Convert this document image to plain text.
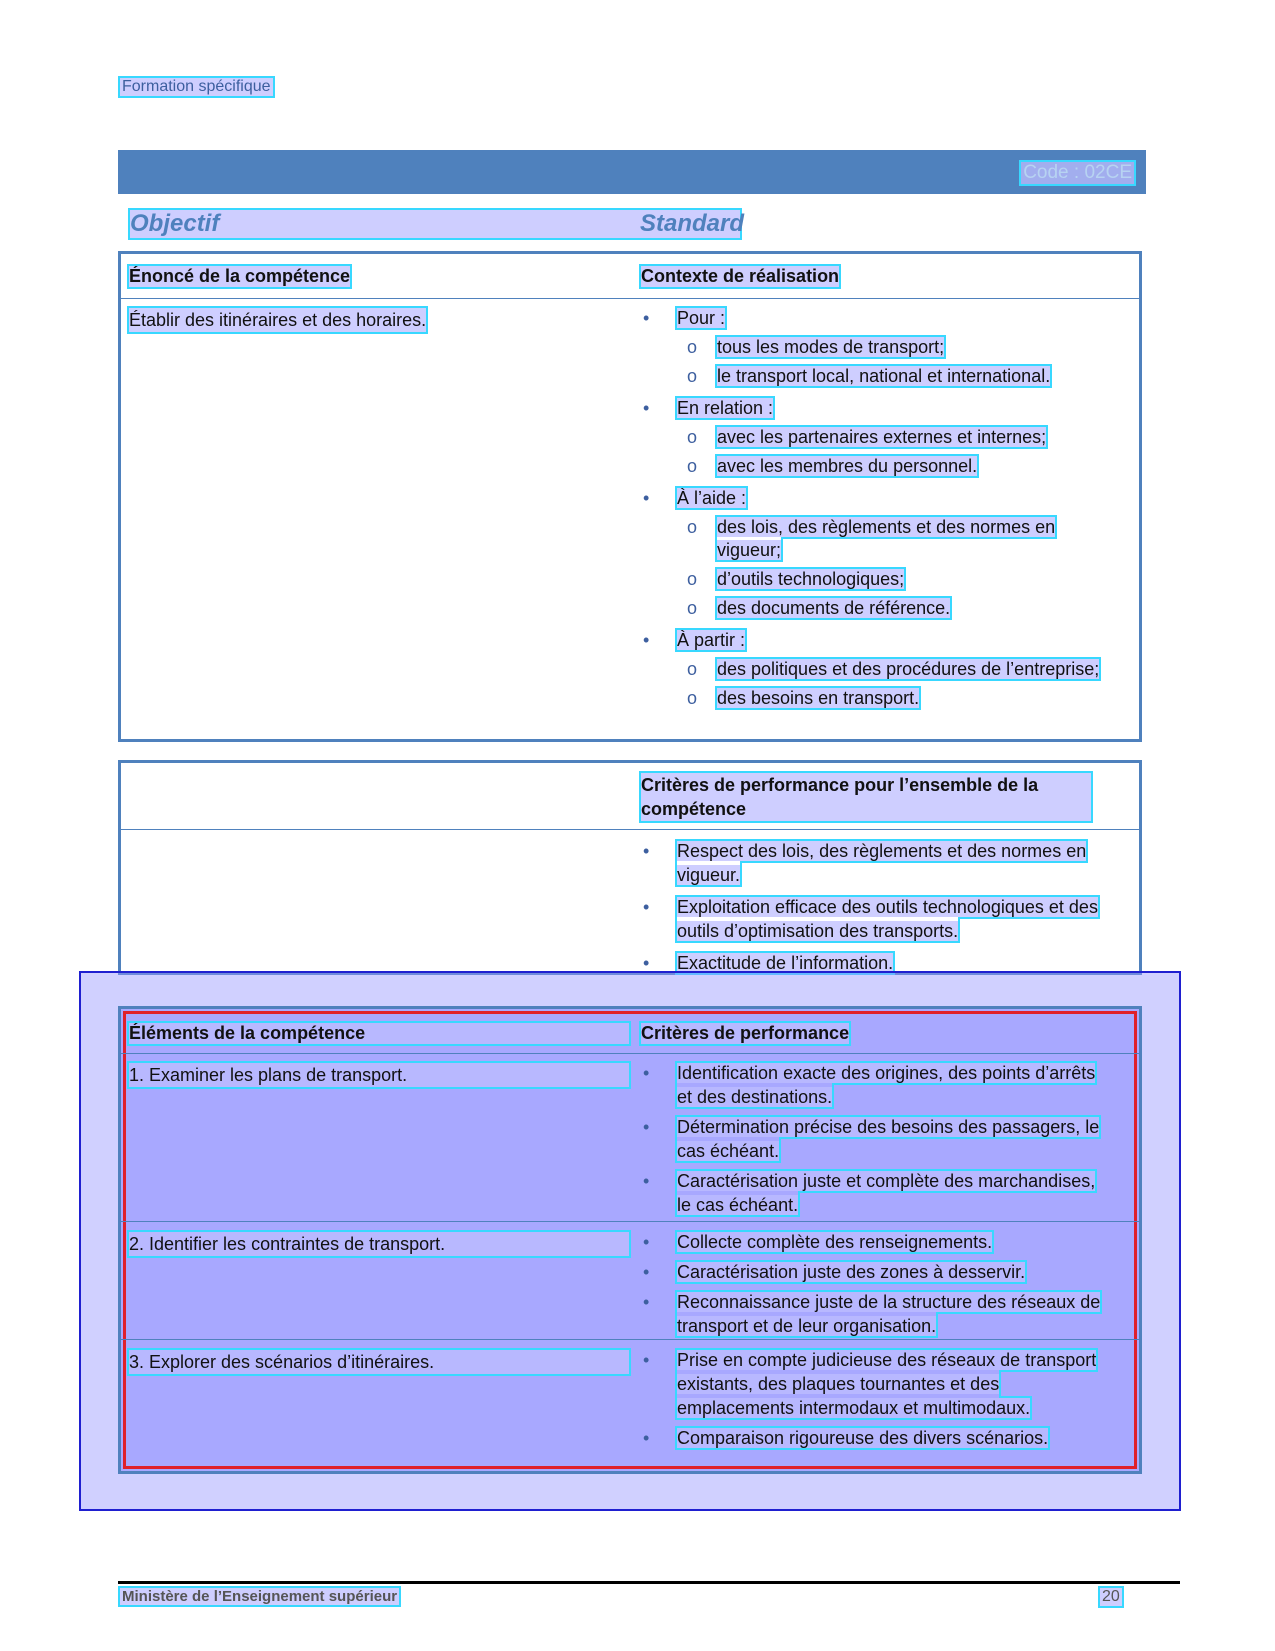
Formation spécifique
Code : 02CE
Objectif	Standard
Énoncé de la compétence	Contexte de réalisation
Établir des itinéraires et des horaires.	• Pour :
o tous les modes de transport;
o le transport local, national et international.
• En relation :
o avec les partenaires externes et internes;
o avec les membres du personnel.
• À l’aide :
o des lois, des règlements et des normes en vigueur;
o d’outils technologiques;
o des documents de référence.
• À partir :
o des politiques et des procédures de l’entreprise;
o des besoins en transport.
Critères de performance pour l’ensemble de la compétence
• Respect des lois, des règlements et des normes en vigueur.
• Exploitation efficace des outils technologiques et des outils d’optimisation des transports.
• Exactitude de l’information.
Éléments de la compétence	Critères de performance
1. Examiner les plans de transport.	• Identification exacte des origines, des points d’arrêts et des destinations.
• Détermination précise des besoins des passagers, le cas échéant.
• Caractérisation juste et complète des marchandises, le cas échéant.
2. Identifier les contraintes de transport.	• Collecte complète des renseignements.
• Caractérisation juste des zones à desservir.
• Reconnaissance juste de la structure des réseaux de transport et de leur organisation.
3. Explorer des scénarios d’itinéraires.	• Prise en compte judicieuse des réseaux de transport existants, des plaques tournantes et des emplacements intermodaux et multimodaux.
• Comparaison rigoureuse des divers scénarios.
Ministère de l’Enseignement supérieur	20
